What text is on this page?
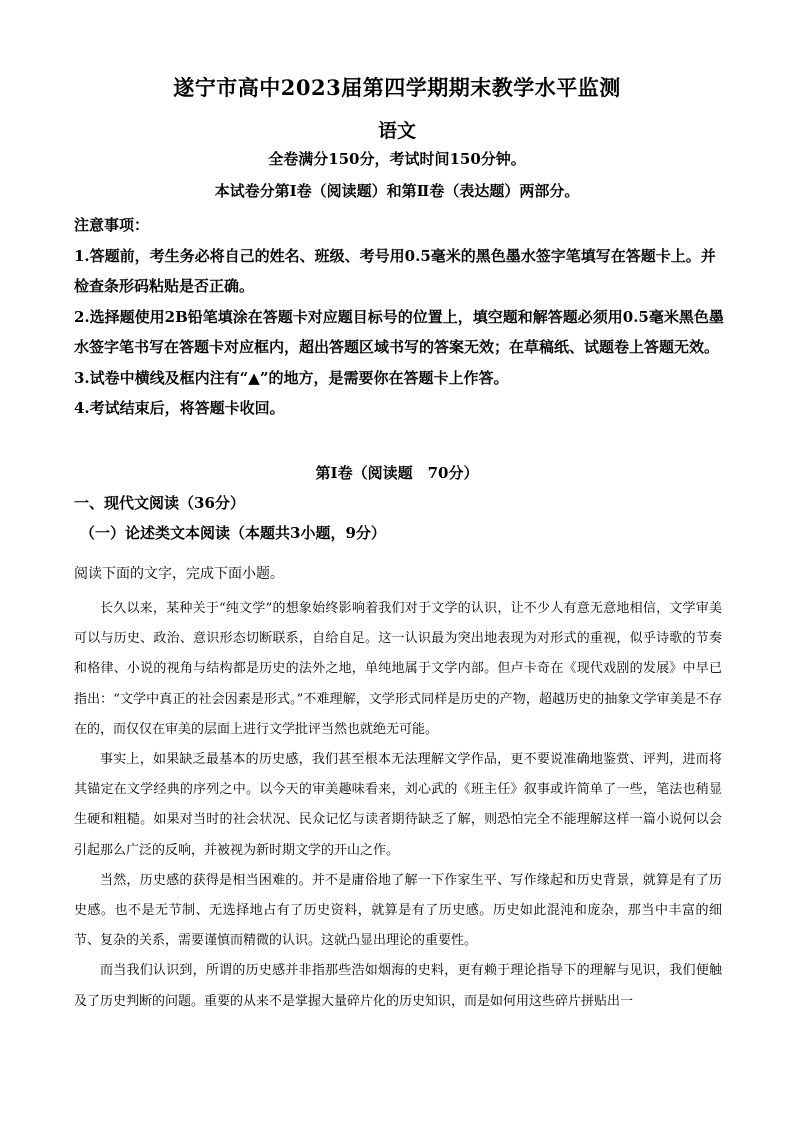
遂宁市高中2023届第四学期期末教学水平监测
语文
全卷满分150分，考试时间150分钟。
本试卷分第Ⅰ卷（阅读题）和第Ⅱ卷（表达题）两部分。

注意事项：

1.答题前，考生务必将自己的姓名、班级、考号用0.5毫米的黑色墨水签字笔填写在答题卡上。并检查条形码粘贴是否正确。

2.选择题使用2B铅笔填涂在答题卡对应题目标号的位置上，填空题和解答题必须用0.5毫米黑色墨水签字笔书写在答题卡对应框内，超出答题区域书写的答案无效；在草稿纸、试题卷上答题无效。

3.试卷中横线及框内注有“▲”的地方，是需要你在答题卡上作答。

4.考试结束后，将答题卡收回。

第Ⅰ卷（阅读题　70分）
一、现代文阅读（36分）
（一）论述类文本阅读（本题共3小题，9分）
阅读下面的文字，完成下面小题。

长久以来，某种关于“纯文学”的想象始终影响着我们对于文学的认识，让不少人有意无意地相信，文学审美可以与历史、政治、意识形态切断联系，自给自足。这一认识最为突出地表现为对形式的重视，似乎诗歌的节奏和格律、小说的视角与结构都是历史的法外之地，单纯地属于文学内部。但卢卡奇在《现代戏剧的发展》中早已指出：“文学中真正的社会因素是形式。”不难理解，文学形式同样是历史的产物，超越历史的抽象文学审美是不存在的，而仅仅在审美的层面上进行文学批评当然也就绝无可能。

事实上，如果缺乏最基本的历史感，我们甚至根本无法理解文学作品，更不要说准确地鉴赏、评判，进而将其锚定在文学经典的序列之中。以今天的审美趣味看来，刘心武的《班主任》叙事或许简单了一些，笔法也稍显生硬和粗糙。如果对当时的社会状况、民众记忆与读者期待缺乏了解，则恐怕完全不能理解这样一篇小说何以会引起那么广泛的反响，并被视为新时期文学的开山之作。

当然，历史感的获得是相当困难的。并不是庸俗地了解一下作家生平、写作缘起和历史背景，就算是有了历史感。也不是无节制、无选择地占有了历史资料，就算是有了历史感。历史如此混沌和庞杂，那当中丰富的细节、复杂的关系，需要谨慎而精微的认识。这就凸显出理论的重要性。

而当我们认识到，所谓的历史感并非指那些浩如烟海的史料，更有赖于理论指导下的理解与见识，我们便触及了历史判断的问题。重要的从来不是掌握大量碎片化的历史知识，而是如何用这些碎片拼贴出一
